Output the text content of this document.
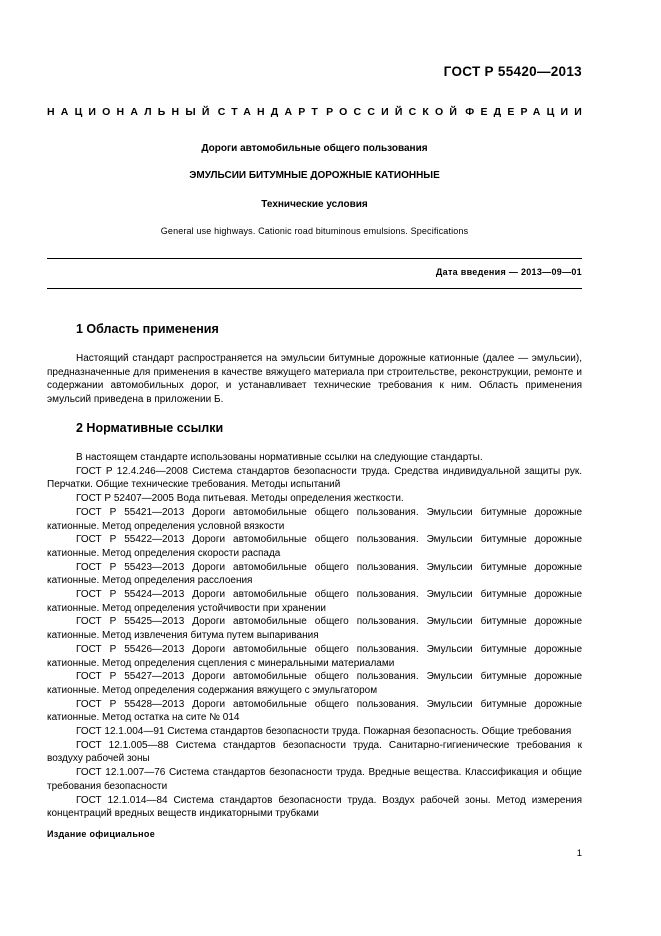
ГОСТ Р 55420—2013
НАЦИОНАЛЬНЫЙ СТАНДАРТ РОССИЙСКОЙ ФЕДЕРАЦИИ
Дороги автомобильные общего пользования
ЭМУЛЬСИИ БИТУМНЫЕ ДОРОЖНЫЕ КАТИОННЫЕ
Технические условия
General use highways. Cationic road bituminous emulsions. Specifications
Дата введения — 2013—09—01
1 Область применения

Настоящий стандарт распространяется на эмульсии битумные дорожные катионные (далее — эмульсии), предназначенные для применения в качестве вяжущего материала при строительстве, реконструкции, ремонте и содержании автомобильных дорог, и устанавливает технические требования к ним. Область применения эмульсий приведена в приложении Б.

2 Нормативные ссылки

В настоящем стандарте использованы нормативные ссылки на следующие стандарты.

ГОСТ Р 12.4.246—2008 Система стандартов безопасности труда. Средства индивидуальной защиты рук. Перчатки. Общие технические требования. Методы испытаний

ГОСТ Р 52407—2005 Вода питьевая. Методы определения жесткости.

ГОСТ Р 55421—2013 Дороги автомобильные общего пользования. Эмульсии битумные дорожные катионные. Метод определения условной вязкости

ГОСТ Р 55422—2013 Дороги автомобильные общего пользования. Эмульсии битумные дорожные катионные. Метод определения скорости распада

ГОСТ Р 55423—2013 Дороги автомобильные общего пользования. Эмульсии битумные дорожные катионные. Метод определения расслоения

ГОСТ Р 55424—2013 Дороги автомобильные общего пользования. Эмульсии битумные дорожные катионные. Метод определения устойчивости при хранении

ГОСТ Р 55425—2013 Дороги автомобильные общего пользования. Эмульсии битумные дорожные катионные. Метод извлечения битума путем выпаривания

ГОСТ Р 55426—2013 Дороги автомобильные общего пользования. Эмульсии битумные дорожные катионные. Метод определения сцепления с минеральными материалами

ГОСТ Р 55427—2013 Дороги автомобильные общего пользования. Эмульсии битумные дорожные катионные. Метод определения содержания вяжущего с эмульгатором

ГОСТ Р 55428—2013 Дороги автомобильные общего пользования. Эмульсии битумные дорожные катионные. Метод остатка на сите № 014

ГОСТ 12.1.004—91 Система стандартов безопасности труда. Пожарная безопасность. Общие требования

ГОСТ 12.1.005—88 Система стандартов безопасности труда. Санитарно-гигиенические требования к воздуху рабочей зоны

ГОСТ 12.1.007—76 Система стандартов безопасности труда. Вредные вещества. Классификация и общие требования безопасности

ГОСТ 12.1.014—84 Система стандартов безопасности труда. Воздух рабочей зоны. Метод измерения концентраций вредных веществ индикаторными трубками

Издание официальное
1
